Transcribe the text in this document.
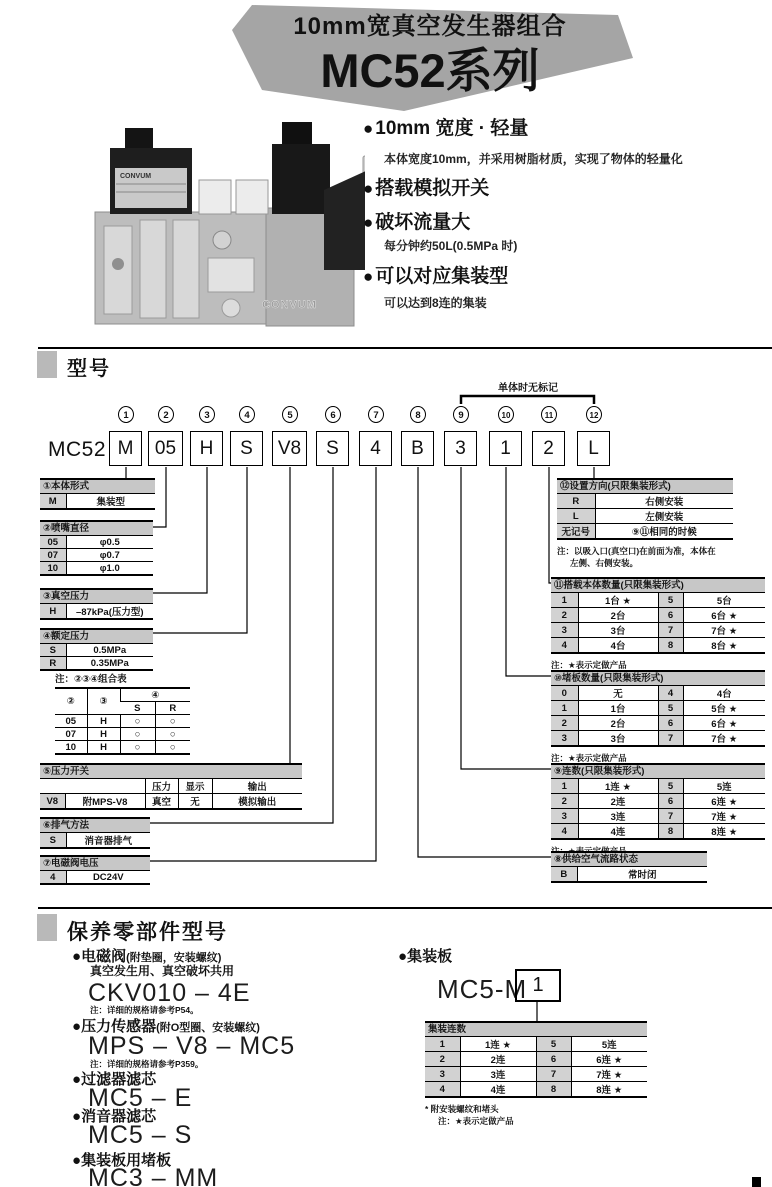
10mm宽真空发生器组合
MC52系列
CONVUM
CONVUM
● 10mm 宽度 · 轻量
本体宽度10mm，并采用树脂材质，实现了物体的轻量化
● 搭载模拟开关
● 破坏流量大
每分钟约50L(0.5MPa 时)
● 可以对应集装型
可以达到8连的集装
型号
单体时无标记
MC52
1
M
2
05
3
H
4
S
5
V8
6
S
7
4
8
B
9
3
10
1
11
2
12
L
①本体形式
M	集装型
②喷嘴直径
05	φ0.5
07	φ0.7
10	φ1.0
③真空压力
H	–87kPa(压力型)
④额定压力
S	0.5MPa
R	0.35MPa
注：②③④组合表
②	③	④	
		S	R
05	H	○	○
07	H	○	○
10	H	○	○
⑤压力开关
		压力	显示	输出
V8	附MPS-V8	真空	无	模拟输出
⑥排气方法
S	消音器排气
⑦电磁阀电压
4	DC24V
⑫设置方向(只限集装形式)
R	右侧安装
L	左侧安装
无记号	⑨⑪相同的时候
注：以吸入口(真空口)在前面为准，本体在
左侧、右侧安装。
⑪搭载本体数量(只限集装形式)
1	1台 ★	5	5台
2	2台	6	6台 ★
3	3台	7	7台 ★
4	4台	8	8台 ★
注：★表示定做产品
⑩堵板数量(只限集装形式)
0	无	4	4台
1	1台	5	5台 ★
2	2台	6	6台 ★
3	3台	7	7台 ★
注：★表示定做产品
⑨连数(只限集装形式)
1	1连 ★	5	5连
2	2连	6	6连 ★
3	3连	7	7连 ★
4	4连	8	8连 ★
⑧供给空气流路状态
B	常时闭
保养零部件型号
●电磁阀(附垫圈，安装螺纹)
真空发生用、真空破坏共用
CKV010 – 4E
注：详细的规格请参考P54。
●压力传感器(附O型圈、安装螺纹)
MPS – V8 – MC5
注：详细的规格请参考P359。
●过滤器滤芯
MC5 – E
●消音器滤芯
MC5 – S
●集装板用堵板
MC3 – MM
●集装板
MC5-M 1
集装连数
1	1连 ★	5	5连
2	2连	6	6连 ★
3	3连	7	7连 ★
4	4连	8	8连 ★
* 附安装螺纹和堵头
注：★表示定做产品
